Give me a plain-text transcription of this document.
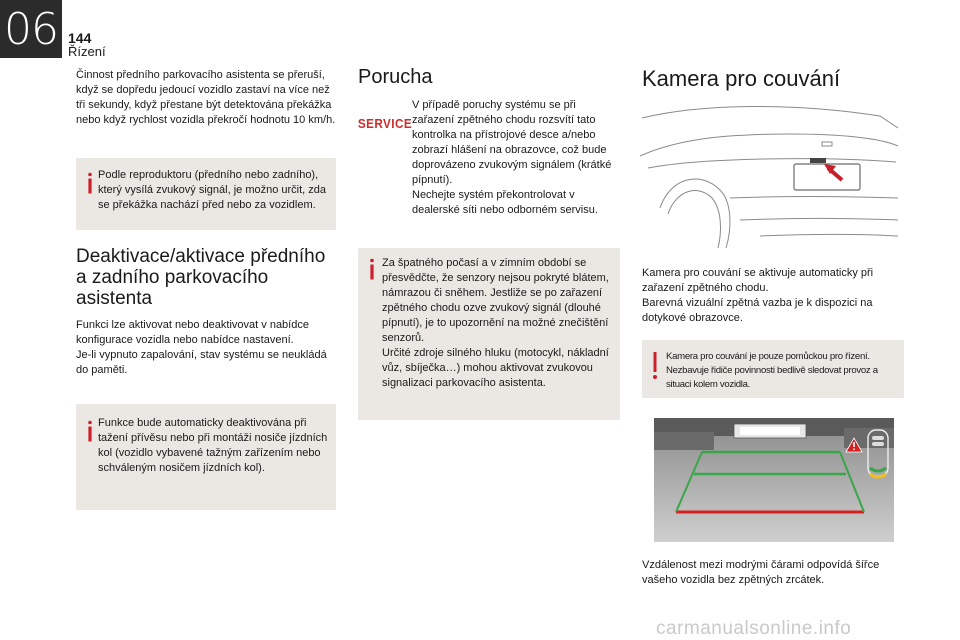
06 144
Řízení
Činnost předního parkovacího asistenta se přeruší, když se dopředu jedoucí vozidlo zastaví na více než tři sekundy, když přestane být detektována překážka nebo když rychlost vozidla překročí hodnotu 10 km/h.
Podle reproduktoru (předního nebo zadního), který vysílá zvukový signál, je možno určit, zda se překážka nachází před nebo za vozidlem.
Deaktivace/aktivace předního a zadního parkovacího asistenta
Funkci lze aktivovat nebo deaktivovat v nabídce konfigurace vozidla nebo nabídce nastavení.
Je-li vypnuto zapalování, stav systému se neukládá do paměti.
Funkce bude automaticky deaktivována při tažení přívěsu nebo při montáži nosiče jízdních kol (vozidlo vybavené tažným zařízením nebo schváleným nosičem jízdních kol).
Porucha
SERVICE
V případě poruchy systému se při zařazení zpětného chodu rozsvítí tato kontrolka na přístrojové desce a/nebo zobrazí hlášení na obrazovce, což bude doprovázeno zvukovým signálem (krátké pípnutí).
Nechejte systém překontrolovat v dealerské síti nebo odborném servisu.
Za špatného počasí a v zimním období se přesvědčte, že senzory nejsou pokryté blátem, námrazou či sněhem. Jestliže se po zařazení zpětného chodu ozve zvukový signál (dlouhé pípnutí), je to upozornění na možné znečištění senzorů.
Určité zdroje silného hluku (motocykl, nákladní vůz, sbíječka…) mohou aktivovat zvukovou signalizaci parkovacího asistenta.
Kamera pro couvání
Kamera pro couvání se aktivuje automaticky při zařazení zpětného chodu.
Barevná vizuální zpětná vazba je k dispozici na dotykové obrazovce.
Kamera pro couvání je pouze pomůckou pro řízení. Nezbavuje řidiče povinnosti bedlivě sledovat provoz a situaci kolem vozidla.
Vzdálenost mezi modrými čárami odpovídá šířce vašeho vozidla bez zpětných zrcátek.
carmanualsonline.info
